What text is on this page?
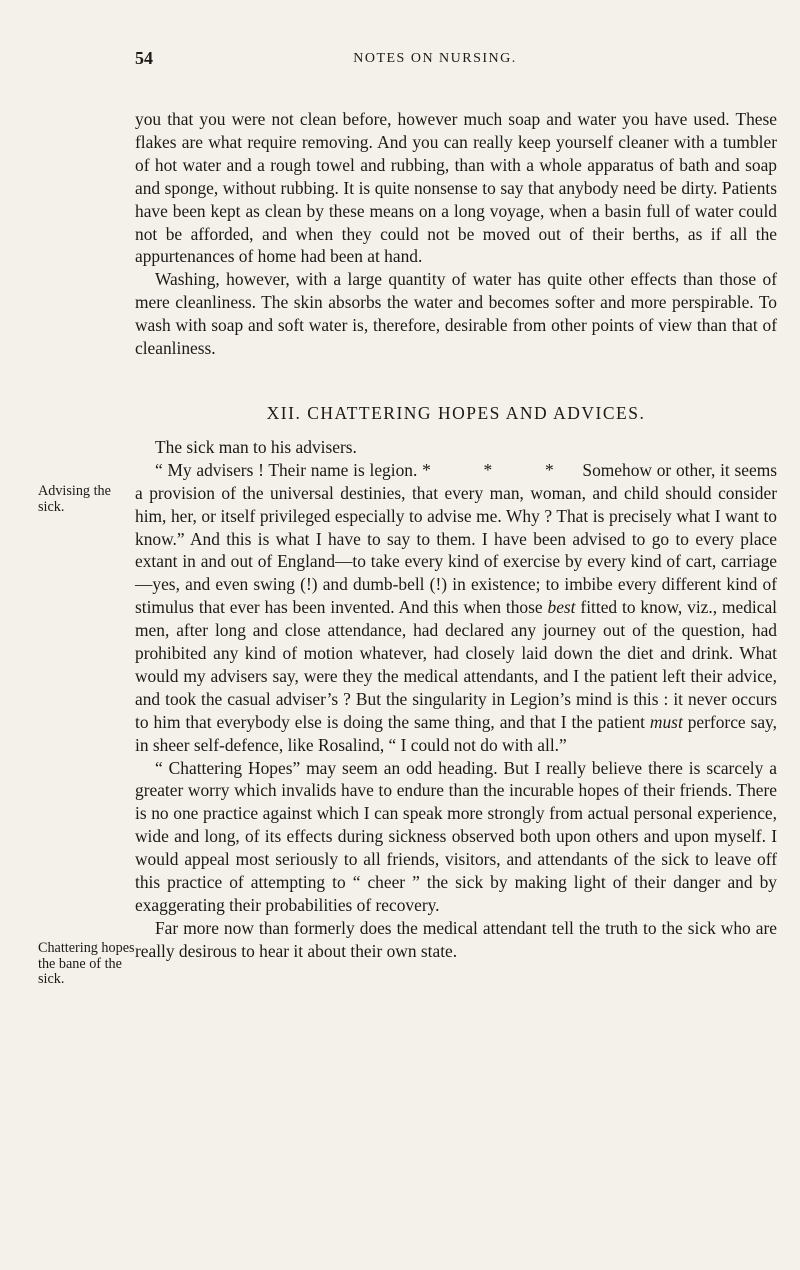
54	NOTES ON NURSING.
Advising the sick.
Chattering hopes the bane of the sick.

you that you were not clean before, however much soap and water you have used. These flakes are what require removing. And you can really keep yourself cleaner with a tumbler of hot water and a rough towel and rubbing, than with a whole apparatus of bath and soap and sponge, without rubbing. It is quite nonsense to say that anybody need be dirty. Patients have been kept as clean by these means on a long voyage, when a basin full of water could not be afforded, and when they could not be moved out of their berths, as if all the appurtenances of home had been at hand.

Washing, however, with a large quantity of water has quite other effects than those of mere cleanliness. The skin absorbs the water and becomes softer and more perspirable. To wash with soap and soft water is, therefore, desirable from other points of view than that of cleanliness.

XII. CHATTERING HOPES AND ADVICES.

The sick man to his advisers.

“ My advisers ! Their name is legion. * * * Somehow or other, it seems a provision of the universal destinies, that every man, woman, and child should consider him, her, or itself privileged especially to advise me. Why ? That is precisely what I want to know.” And this is what I have to say to them. I have been advised to go to every place extant in and out of England—to take every kind of exercise by every kind of cart, carriage—yes, and even swing (!) and dumb-bell (!) in existence; to imbibe every different kind of stimulus that ever has been invented. And this when those best fitted to know, viz., medical men, after long and close attendance, had declared any journey out of the question, had prohibited any kind of motion whatever, had closely laid down the diet and drink. What would my advisers say, were they the medical attendants, and I the patient left their advice, and took the casual adviser’s ? But the singularity in Legion’s mind is this : it never occurs to him that everybody else is doing the same thing, and that I the patient must perforce say, in sheer self-defence, like Rosalind, “ I could not do with all.”

“ Chattering Hopes” may seem an odd heading. But I really believe there is scarcely a greater worry which invalids have to endure than the incurable hopes of their friends. There is no one practice against which I can speak more strongly from actual personal experience, wide and long, of its effects during sickness observed both upon others and upon myself. I would appeal most seriously to all friends, visitors, and attendants of the sick to leave off this practice of attempting to “ cheer ” the sick by making light of their danger and by exaggerating their probabilities of recovery.

Far more now than formerly does the medical attendant tell the truth to the sick who are really desirous to hear it about their own state.
